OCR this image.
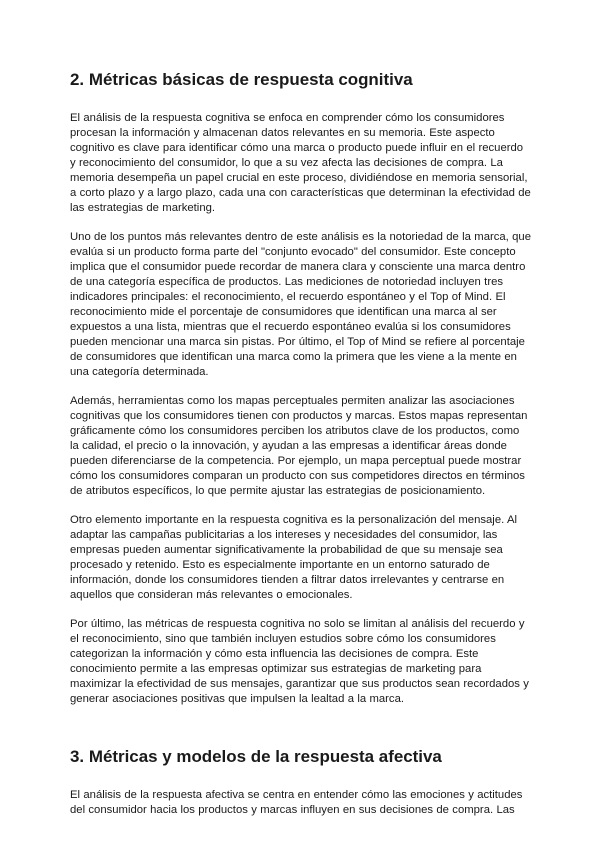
2. Métricas básicas de respuesta cognitiva

El análisis de la respuesta cognitiva se enfoca en comprender cómo los consumidores procesan la información y almacenan datos relevantes en su memoria. Este aspecto cognitivo es clave para identificar cómo una marca o producto puede influir en el recuerdo y reconocimiento del consumidor, lo que a su vez afecta las decisiones de compra. La memoria desempeña un papel crucial en este proceso, dividiéndose en memoria sensorial, a corto plazo y a largo plazo, cada una con características que determinan la efectividad de las estrategias de marketing.

Uno de los puntos más relevantes dentro de este análisis es la notoriedad de la marca, que evalúa si un producto forma parte del "conjunto evocado" del consumidor. Este concepto implica que el consumidor puede recordar de manera clara y consciente una marca dentro de una categoría específica de productos. Las mediciones de notoriedad incluyen tres indicadores principales: el reconocimiento, el recuerdo espontáneo y el Top of Mind. El reconocimiento mide el porcentaje de consumidores que identifican una marca al ser expuestos a una lista, mientras que el recuerdo espontáneo evalúa si los consumidores pueden mencionar una marca sin pistas. Por último, el Top of Mind se refiere al porcentaje de consumidores que identifican una marca como la primera que les viene a la mente en una categoría determinada.

Además, herramientas como los mapas perceptuales permiten analizar las asociaciones cognitivas que los consumidores tienen con productos y marcas. Estos mapas representan gráficamente cómo los consumidores perciben los atributos clave de los productos, como la calidad, el precio o la innovación, y ayudan a las empresas a identificar áreas donde pueden diferenciarse de la competencia. Por ejemplo, un mapa perceptual puede mostrar cómo los consumidores comparan un producto con sus competidores directos en términos de atributos específicos, lo que permite ajustar las estrategias de posicionamiento.

Otro elemento importante en la respuesta cognitiva es la personalización del mensaje. Al adaptar las campañas publicitarias a los intereses y necesidades del consumidor, las empresas pueden aumentar significativamente la probabilidad de que su mensaje sea procesado y retenido. Esto es especialmente importante en un entorno saturado de información, donde los consumidores tienden a filtrar datos irrelevantes y centrarse en aquellos que consideran más relevantes o emocionales.

Por último, las métricas de respuesta cognitiva no solo se limitan al análisis del recuerdo y el reconocimiento, sino que también incluyen estudios sobre cómo los consumidores categorizan la información y cómo esta influencia las decisiones de compra. Este conocimiento permite a las empresas optimizar sus estrategias de marketing para maximizar la efectividad de sus mensajes, garantizar que sus productos sean recordados y generar asociaciones positivas que impulsen la lealtad a la marca.

3. Métricas y modelos de la respuesta afectiva

El análisis de la respuesta afectiva se centra en entender cómo las emociones y actitudes del consumidor hacia los productos y marcas influyen en sus decisiones de compra. Las
